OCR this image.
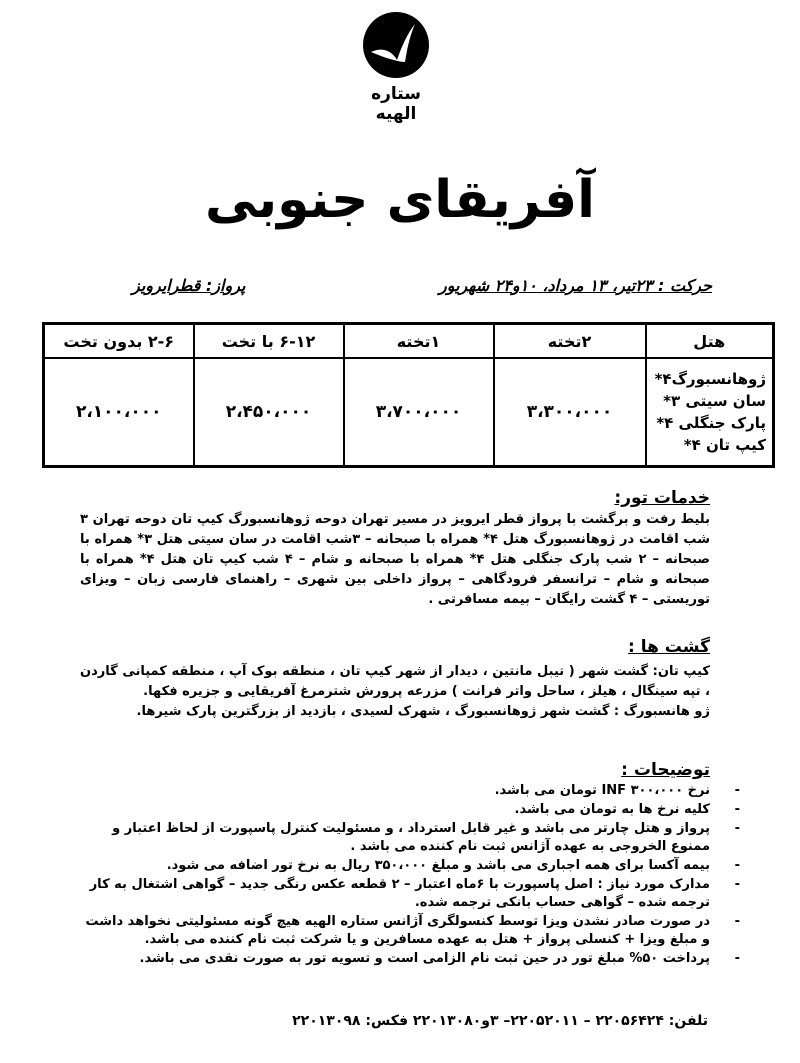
ستاره الهیه
آفریقای جنوبی
حرکت : ۲۳تیر، ۱۳ مرداد، ۱۰و۲۴ شهریور
پرواز: قطرایرویز
هتل	۲تخته	۱تخته	۶-۱۲ با تخت	۲-۶ بدون تخت

ژوهانسبورگ۴*
سان سیتی ۳*
پارک جنگلی ۴*
کیپ تان ۴*	۳،۳۰۰،۰۰۰	۳،۷۰۰،۰۰۰	۲،۴۵۰،۰۰۰	۲،۱۰۰،۰۰۰
خدمات تور:

بلیط رفت و برگشت با پرواز قطر ایرویز در مسیر تهران دوحه ژوهانسبورگ کیپ تان دوحه تهران ۳ شب اقامت در ژوهانسبورگ هتل ۴* همراه با صبحانه – ۳شب اقامت در سان سیتی هتل ۳* همراه با صبحانه – ۲ شب پارک جنگلی هتل ۴* همراه با صبحانه و شام – ۴ شب کیپ تان هتل ۴* همراه با صبحانه و شام – ترانسفر فرودگاهی – پرواز داخلی بین شهری – راهنمای فارسی زبان – ویزای توریستی – ۴ گشت رایگان – بیمه مسافرتی .

گشت ها :

کیپ تان: گشت شهر ( تیبل مانتین ، دیدار از شهر کیپ تان ، منطقه بوک آپ ، منطقه کمپانی گاردن ، تپه سینگال ، هیلز ، ساحل واتر فرانت ) مزرعه پرورش شترمرغ آفریقایی و جزیره فکها.

ژو هانسبورگ : گشت شهر ژوهانسبورگ ، شهرک لسیدی ، بازدید از بزرگترین پارک شیرها.

توضیحات :
نرخ INF ۳۰۰،۰۰۰ تومان می باشد. -
کلیه نرخ ها به تومان می باشد. -
پرواز و هتل چارتر می باشد و غیر قابل استرداد ، و مسئولیت کنترل پاسپورت از لحاظ اعتبار و ممنوع الخروجی به عهده آژانس ثبت نام کننده می باشد . -
بیمه آکسا برای همه اجباری می باشد و مبلغ ۳۵۰،۰۰۰ ریال به نرخ تور اضافه می شود. -
مدارک مورد نیاز : اصل پاسپورت با ۶ماه اعتبار – ۲ قطعه عکس رنگی جدید – گواهی اشتغال به کار ترجمه شده – گواهی حساب بانکی ترجمه شده. -
در صورت صادر نشدن ویزا توسط کنسولگری آژانس ستاره الهیه هیچ گونه مسئولیتی نخواهد داشت و مبلغ ویزا + کنسلی پرواز + هتل به عهده مسافرین و یا شرکت ثبت نام کننده می باشد. -
پرداخت ۵۰% مبلغ تور در حین ثبت نام الزامی است و تسویه تور به صورت نقدی می باشد. -
تلفن: ۲۲۰۵۶۴۲۴ – ۲۲۰۵۲۰۱۱– ۳و۲۲۰۱۳۰۸۰ فکس: ۲۲۰۱۳۰۹۸
